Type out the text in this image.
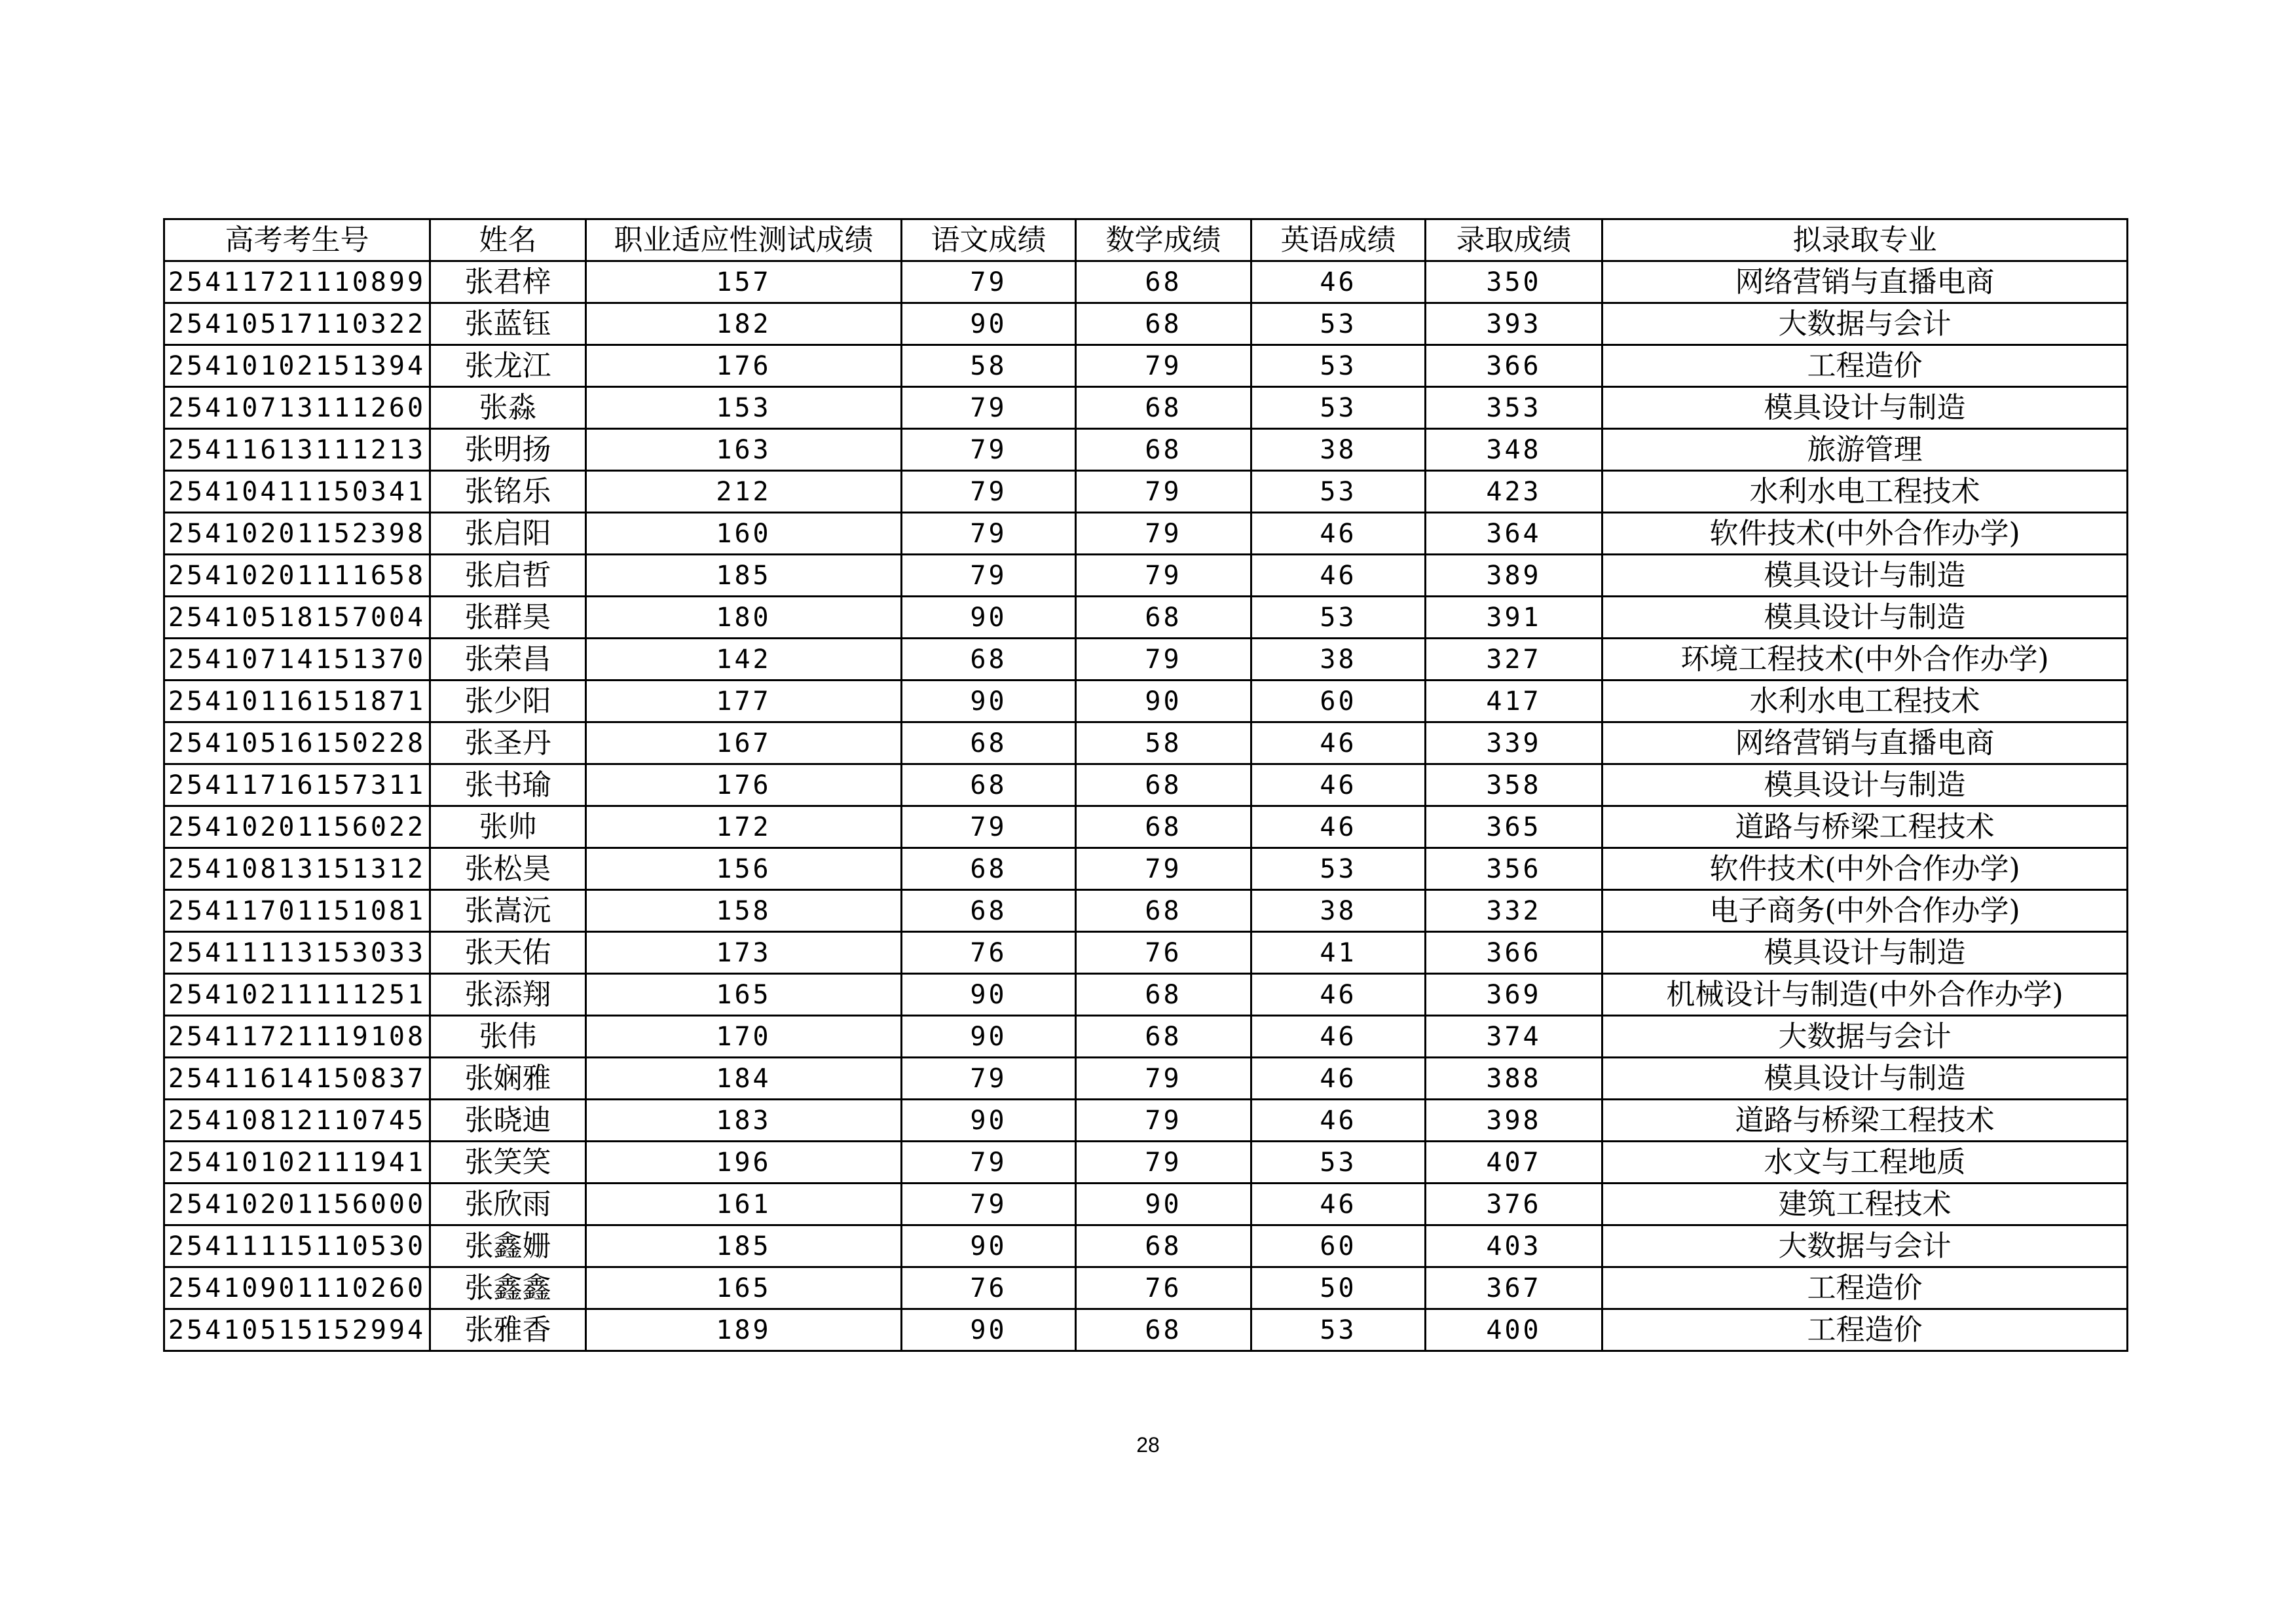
高考考生号	姓名	职业适应性测试成绩	语文成绩	数学成绩	英语成绩	录取成绩	拟录取专业
25411721110899	张君梓	157	79	68	46	350	网络营销与直播电商
25410517110322	张蓝钰	182	90	68	53	393	大数据与会计
25410102151394	张龙江	176	58	79	53	366	工程造价
25410713111260	张淼	153	79	68	53	353	模具设计与制造
25411613111213	张明扬	163	79	68	38	348	旅游管理
25410411150341	张铭乐	212	79	79	53	423	水利水电工程技术
25410201152398	张启阳	160	79	79	46	364	软件技术(中外合作办学)
25410201111658	张启哲	185	79	79	46	389	模具设计与制造
25410518157004	张群昊	180	90	68	53	391	模具设计与制造
25410714151370	张荣昌	142	68	79	38	327	环境工程技术(中外合作办学)
25410116151871	张少阳	177	90	90	60	417	水利水电工程技术
25410516150228	张圣丹	167	68	58	46	339	网络营销与直播电商
25411716157311	张书瑜	176	68	68	46	358	模具设计与制造
25410201156022	张帅	172	79	68	46	365	道路与桥梁工程技术
25410813151312	张松昊	156	68	79	53	356	软件技术(中外合作办学)
25411701151081	张嵩沅	158	68	68	38	332	电子商务(中外合作办学)
25411113153033	张天佑	173	76	76	41	366	模具设计与制造
25410211111251	张添翔	165	90	68	46	369	机械设计与制造(中外合作办学)
25411721119108	张伟	170	90	68	46	374	大数据与会计
25411614150837	张娴雅	184	79	79	46	388	模具设计与制造
25410812110745	张晓迪	183	90	79	46	398	道路与桥梁工程技术
25410102111941	张笑笑	196	79	79	53	407	水文与工程地质
25410201156000	张欣雨	161	79	90	46	376	建筑工程技术
25411115110530	张鑫姗	185	90	68	60	403	大数据与会计
25410901110260	张鑫鑫	165	76	76	50	367	工程造价
25410515152994	张雅香	189	90	68	53	400	工程造价
28
